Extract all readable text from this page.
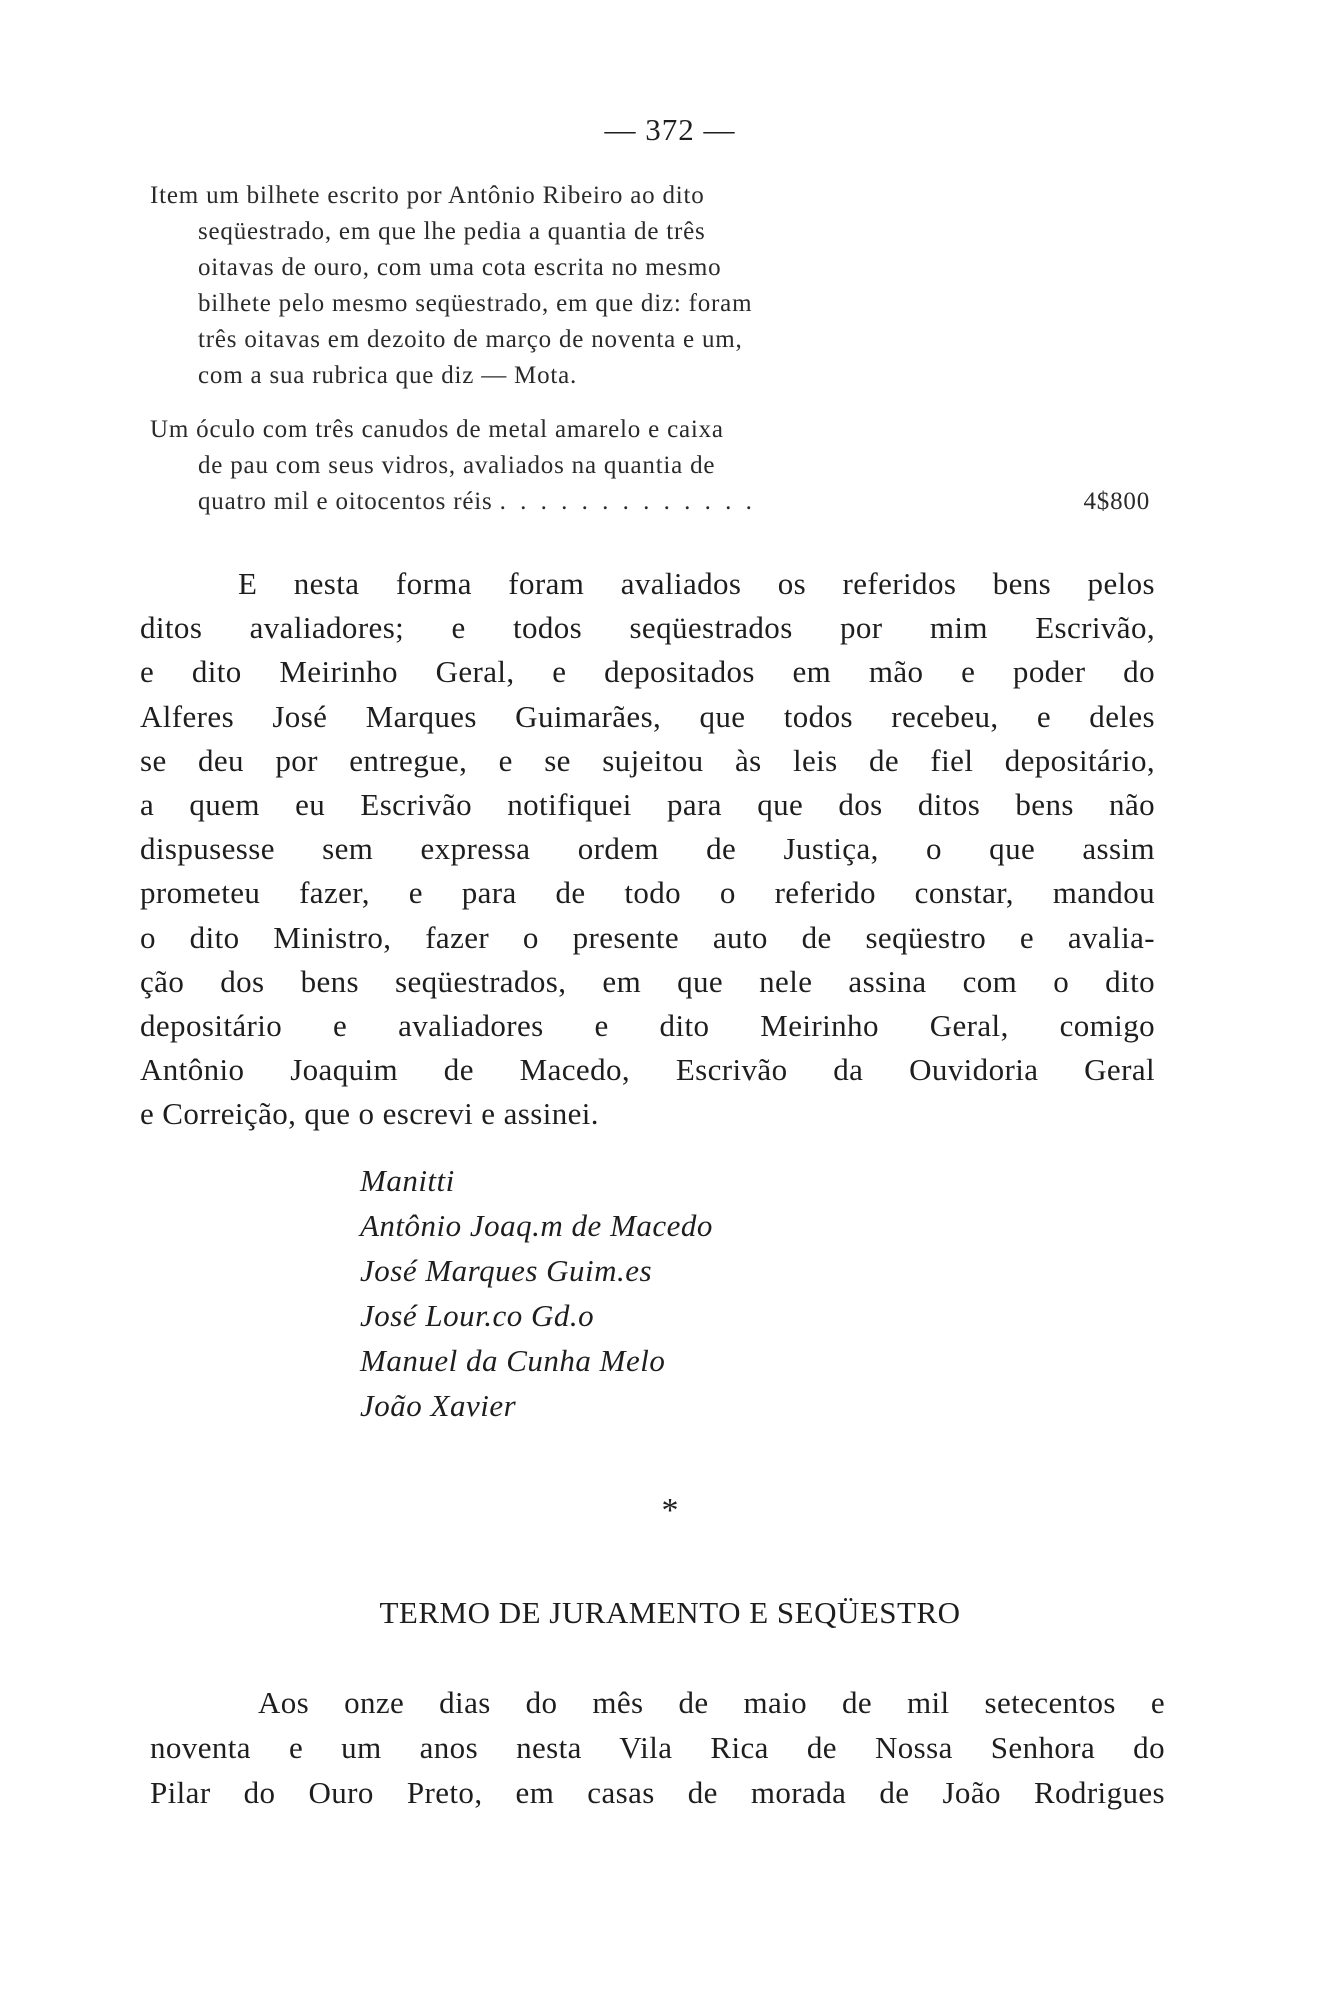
— 372 —
Item um bilhete escrito por Antônio Ribeiro ao dito
seqüestrado, em que lhe pedia a quantia de três
oitavas de ouro, com uma cota escrita no mesmo
bilhete pelo mesmo seqüestrado, em que diz: foram
três oitavas em dezoito de março de noventa e um,
com a sua rubrica que diz — Mota.
Um óculo com três canudos de metal amarelo e caixa
de pau com seus vidros, avaliados na quantia de
quatro mil e oitocentos réis . . . . . . . . . . . . .	4$800
E nesta forma foram avaliados os referidos bens pelos
ditos avaliadores; e todos seqüestrados por mim Escrivão,
e dito Meirinho Geral, e depositados em mão e poder do
Alferes José Marques Guimarães, que todos recebeu, e deles
se deu por entregue, e se sujeitou às leis de fiel depositário,
a quem eu Escrivão notifiquei para que dos ditos bens não
dispusesse sem expressa ordem de Justiça, o que assim
prometeu fazer, e para de todo o referido constar, mandou
o dito Ministro, fazer o presente auto de seqüestro e avalia-
ção dos bens seqüestrados, em que nele assina com o dito
depositário e avaliadores e dito Meirinho Geral, comigo
Antônio Joaquim de Macedo, Escrivão da Ouvidoria Geral
e Correição, que o escrevi e assinei.
Manitti
Antônio Joaq.m de Macedo
José Marques Guim.es
José Lour.co Gd.o
Manuel da Cunha Melo
João Xavier
*
TERMO DE JURAMENTO E SEQÜESTRO
Aos onze dias do mês de maio de mil setecentos e
noventa e um anos nesta Vila Rica de Nossa Senhora do
Pilar do Ouro Preto, em casas de morada de João Rodrigues
